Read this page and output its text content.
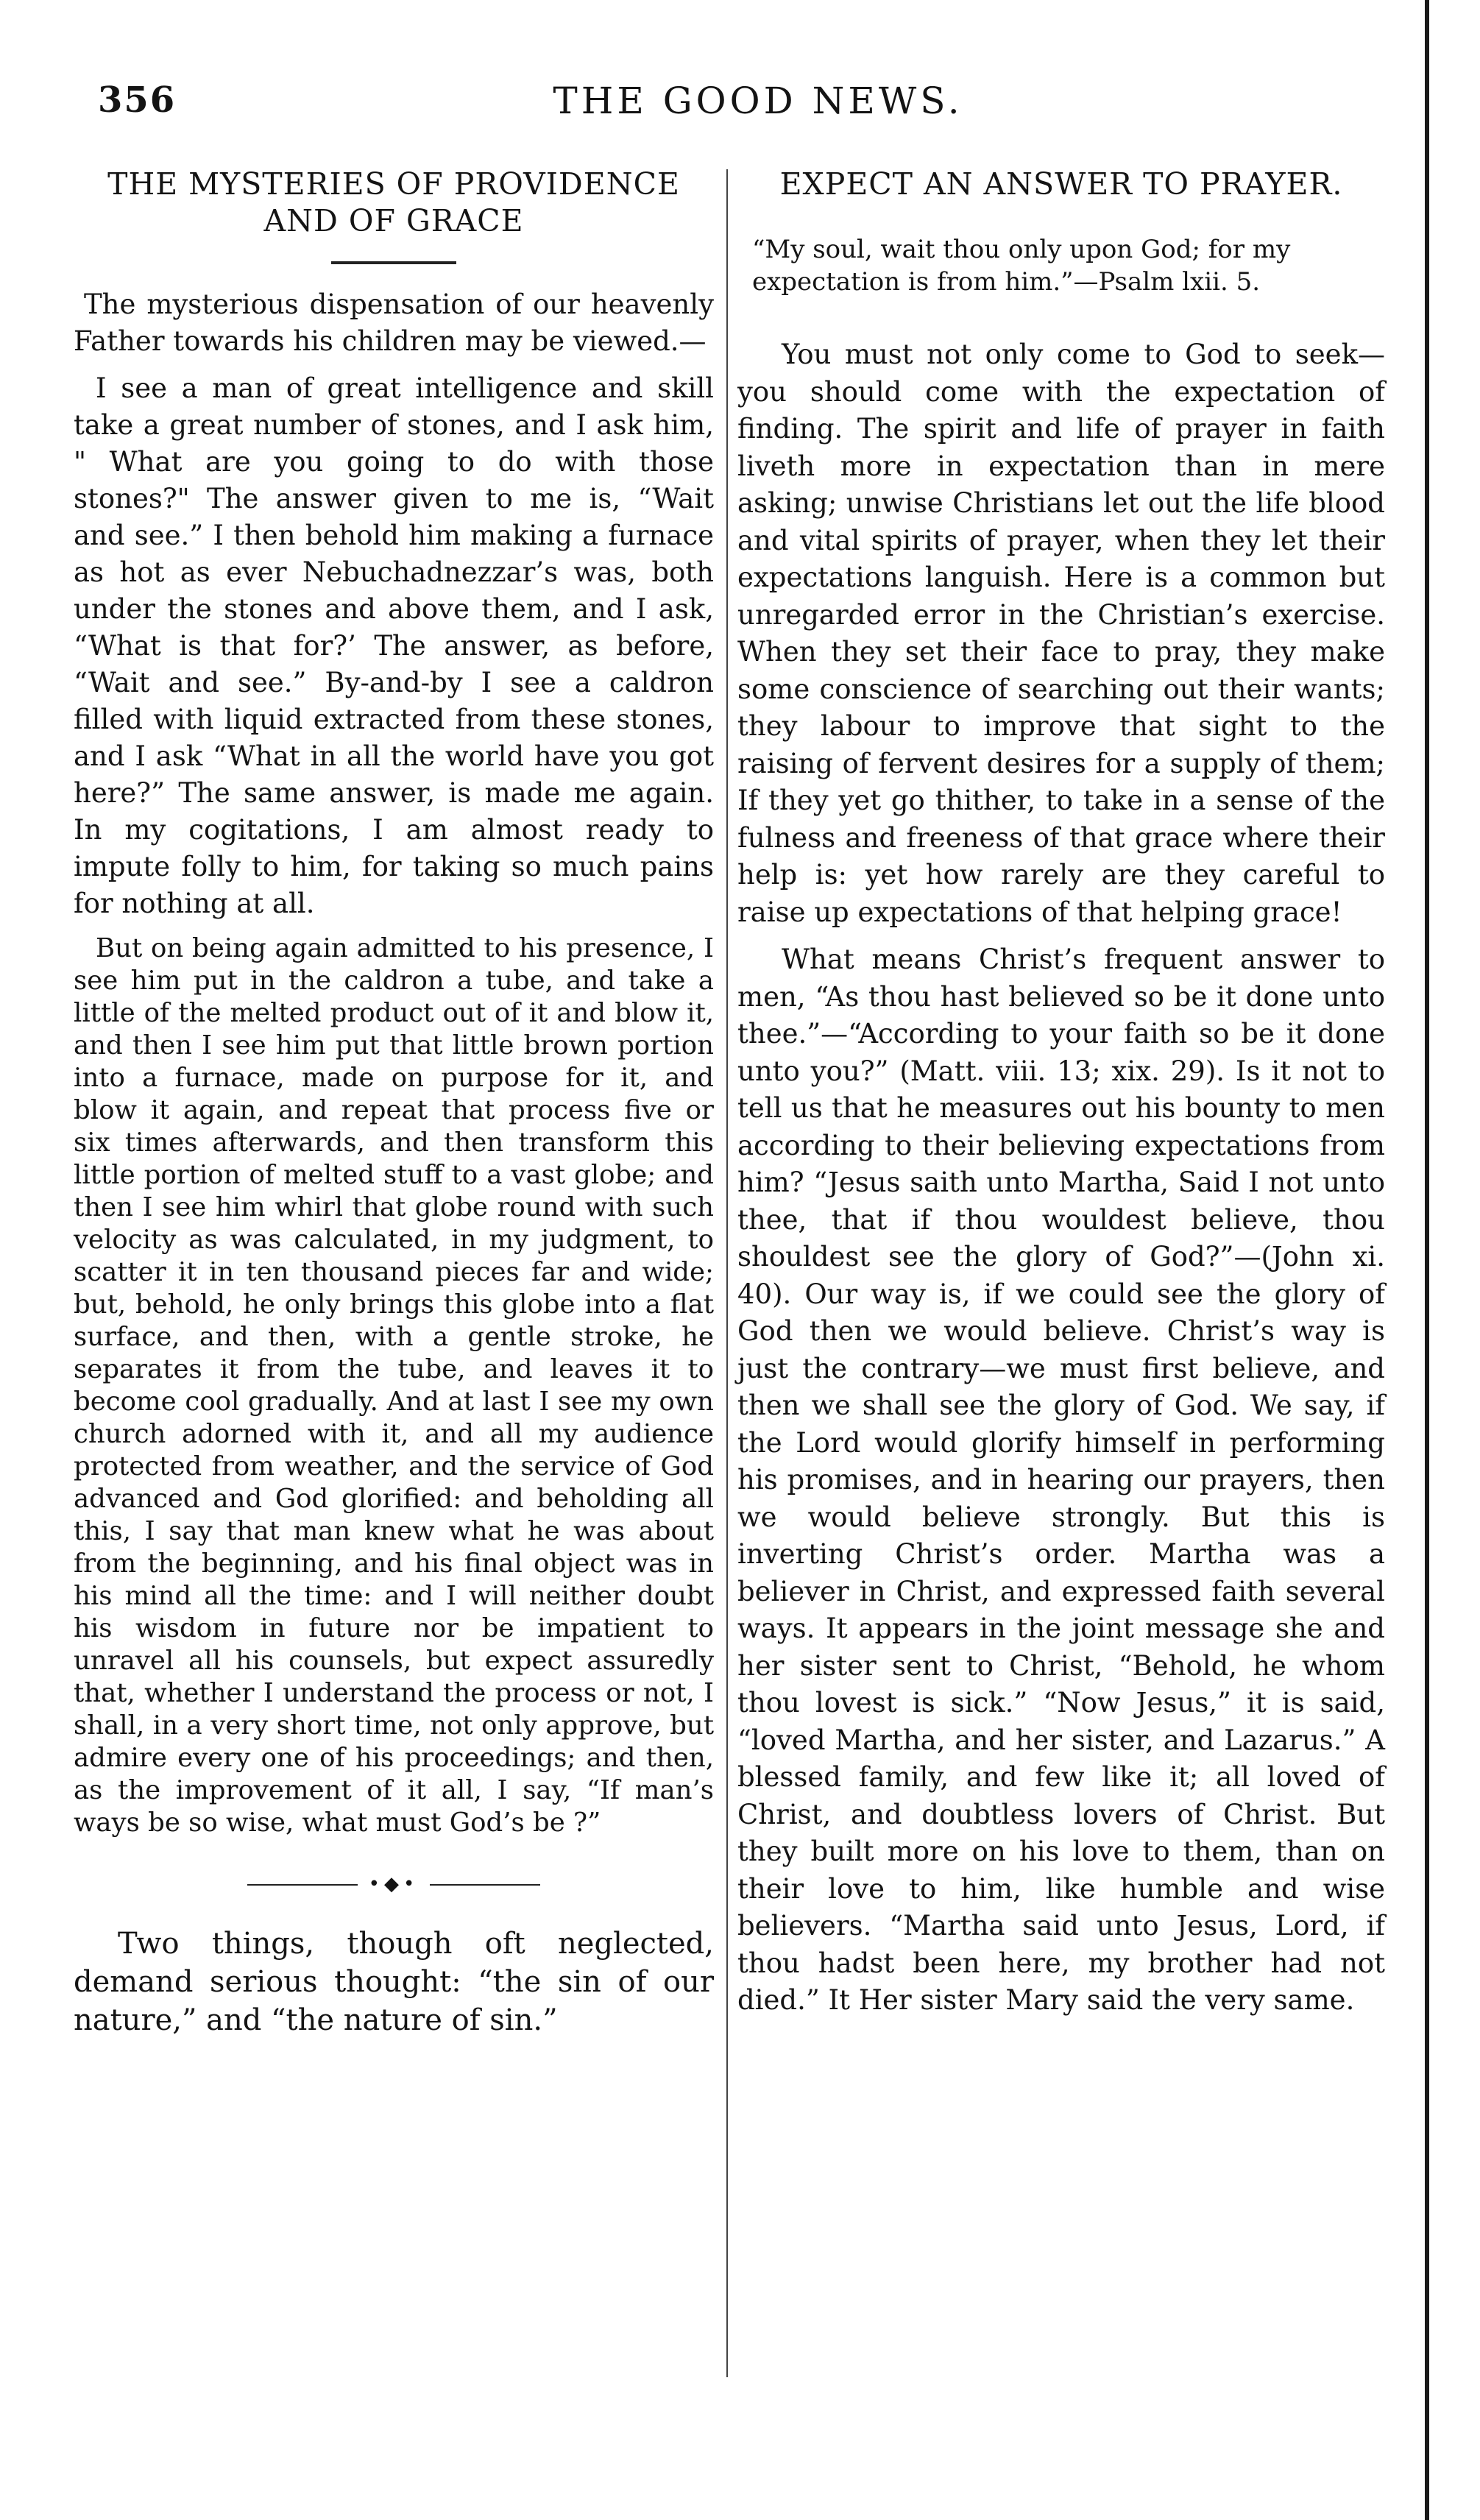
356	THE GOOD NEWS.
THE MYSTERIES OF PROVIDENCE AND OF GRACE

The mysterious dispensation of our heavenly Father towards his children may be viewed.—

I see a man of great intelligence and skill take a great number of stones, and I ask him, " What are you going to do with those stones?" The answer given to me is, “Wait and see.” I then behold him making a furnace as hot as ever Nebuchadnezzar’s was, both under the stones and above them, and I ask, “What is that for?’ The answer, as before, “Wait and see.” By-and-by I see a caldron filled with liquid extracted from these stones, and I ask “What in all the world have you got here?” The same answer, is made me again. In my cogitations, I am almost ready to impute folly to him, for taking so much pains for nothing at all.

But on being again admitted to his presence, I see him put in the caldron a tube, and take a little of the melted product out of it and blow it, and then I see him put that little brown portion into a furnace, made on purpose for it, and blow it again, and repeat that process five or six times afterwards, and then transform this little portion of melted stuff to a vast globe; and then I see him whirl that globe round with such velocity as was calculated, in my judgment, to scatter it in ten thousand pieces far and wide; but, behold, he only brings this globe into a flat surface, and then, with a gentle stroke, he separates it from the tube, and leaves it to become cool gradually. And at last I see my own church adorned with it, and all my audience protected from weather, and the service of God advanced and God glorified: and beholding all this, I say that man knew what he was about from the beginning, and his final object was in his mind all the time: and I will neither doubt his wisdom in future nor be impatient to unravel all his counsels, but expect assuredly that, whether I understand the process or not, I shall, in a very short time, not only approve, but admire every one of his proceedings; and then, as the improvement of it all, I say, “If man’s ways be so wise, what must God’s be ?”

•◆•

Two things, though oft neglected, demand serious thought: “the sin of our nature,” and “the nature of sin.”

EXPECT AN ANSWER TO PRAYER.
“My soul, wait thou only upon God; for my expectation is from him.”—Psalm lxii. 5.

You must not only come to God to seek—you should come with the expectation of finding. The spirit and life of prayer in faith liveth more in expectation than in mere asking; unwise Christians let out the life blood and vital spirits of prayer, when they let their expectations languish. Here is a common but unregarded error in the Christian’s exercise. When they set their face to pray, they make some conscience of searching out their wants; they labour to improve that sight to the raising of fervent desires for a supply of them; If they yet go thither, to take in a sense of the fulness and freeness of that grace where their help is: yet how rarely are they careful to raise up expectations of that helping grace!

What means Christ’s frequent answer to men, “As thou hast believed so be it done unto thee.”—“According to your faith so be it done unto you?” (Matt. viii. 13; xix. 29). Is it not to tell us that he measures out his bounty to men according to their believing expectations from him? “Jesus saith unto Martha, Said I not unto thee, that if thou wouldest believe, thou shouldest see the glory of God?”—(John xi. 40). Our way is, if we could see the glory of God then we would believe. Christ’s way is just the contrary—we must first believe, and then we shall see the glory of God. We say, if the Lord would glorify himself in performing his promises, and in hearing our prayers, then we would believe strongly. But this is inverting Christ’s order. Martha was a believer in Christ, and expressed faith several ways. It appears in the joint message she and her sister sent to Christ, “Behold, he whom thou lovest is sick.” “Now Jesus,” it is said, “loved Martha, and her sister, and Lazarus.” A blessed family, and few like it; all loved of Christ, and doubtless lovers of Christ. But they built more on his love to them, than on their love to him, like humble and wise believers. “Martha said unto Jesus, Lord, if thou hadst been here, my brother had not died.” It Her sister Mary said the very same.
